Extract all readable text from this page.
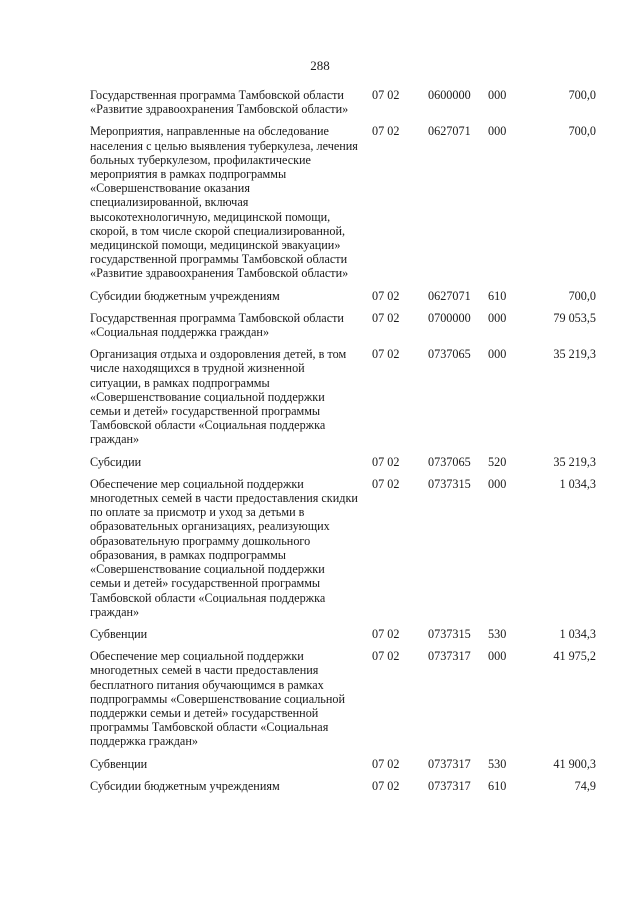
288
Государственная программа Тамбовской области «Развитие здравоохранения Тамбовской области»
07 02 0600000 000	700,0
Мероприятия, направленные на обследование населения с целью выявления туберкулеза, лечения больных туберкулезом, профилактические мероприятия в рамках подпрограммы «Совершенствование оказания специализированной, включая высокотехнологичную, медицинской помощи, скорой, в том числе скорой специализированной, медицинской помощи, медицинской эвакуации» государственной программы Тамбовской области «Развитие здравоохранения Тамбовской области»
07 02 0627071 000	700,0
Субсидии бюджетным учреждениям	07 02 0627071 610	700,0
Государственная программа Тамбовской области «Социальная поддержка граждан»
07 02 0700000 000	79 053,5
Организация отдыха и оздоровления детей, в том числе находящихся в трудной жизненной ситуации, в рамках подпрограммы «Совершенствование социальной поддержки семьи и детей» государственной программы Тамбовской области «Социальная поддержка граждан»
07 02 0737065 000	35 219,3
Субсидии	07 02 0737065 520	35 219,3
Обеспечение мер социальной поддержки многодетных семей в части предоставления скидки по оплате за присмотр и уход за детьми в образовательных организациях, реализующих образовательную программу дошкольного образования, в рамках подпрограммы «Совершенствование социальной поддержки семьи и детей» государственной программы Тамбовской области «Социальная поддержка граждан»
07 02 0737315 000	1 034,3
Субвенции	07 02 0737315 530	1 034,3
Обеспечение мер социальной поддержки многодетных семей в части предоставления бесплатного питания обучающимся в рамках подпрограммы «Совершенствование социальной поддержки семьи и детей» государственной программы Тамбовской области «Социальная поддержка граждан»
07 02 0737317 000	41 975,2
Субвенции	07 02 0737317 530	41 900,3
Субсидии бюджетным учреждениям	07 02 0737317 610	74,9
